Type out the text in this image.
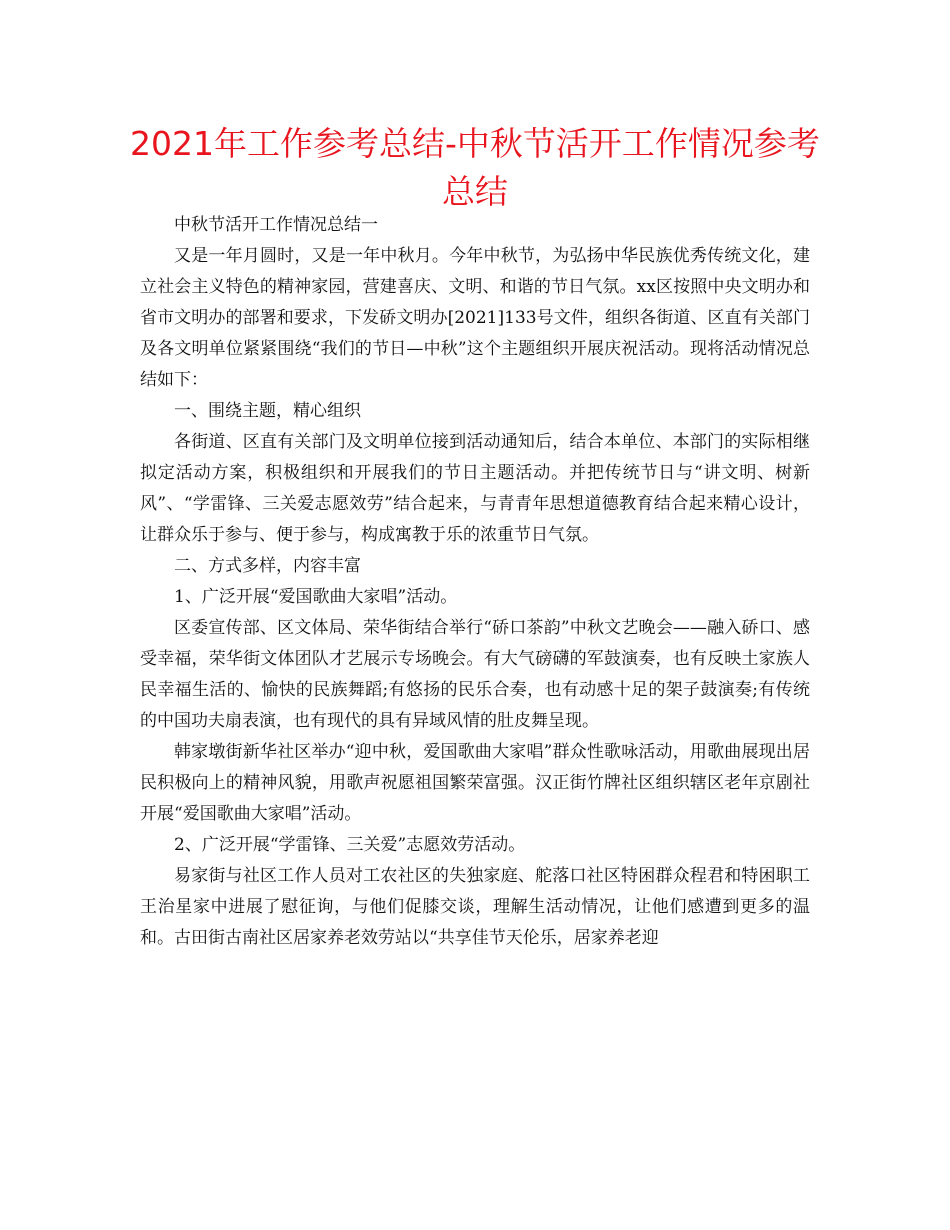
2021年工作参考总结-中秋节活开工作情况参考总结

中秋节活开工作情况总结一

又是一年月圆时，又是一年中秋月。今年中秋节，为弘扬中华民族优秀传统文化，建立社会主义特色的精神家园，营建喜庆、文明、和谐的节日气氛。xx区按照中央文明办和省市文明办的部署和要求，下发硚文明办[2021]133号文件，组织各街道、区直有关部门及各文明单位紧紧围绕“我们的节日—中秋”这个主题组织开展庆祝活动。现将活动情况总结如下：

一、围绕主题，精心组织

各街道、区直有关部门及文明单位接到活动通知后，结合本单位、本部门的实际相继拟定活动方案，积极组织和开展我们的节日主题活动。并把传统节日与“讲文明、树新风”、“学雷锋、三关爱志愿效劳”结合起来，与青青年思想道德教育结合起来精心设计，让群众乐于参与、便于参与，构成寓教于乐的浓重节日气氛。

二、方式多样，内容丰富

1、广泛开展“爱国歌曲大家唱”活动。

区委宣传部、区文体局、荣华街结合举行“硚口茶韵”中秋文艺晚会——融入硚口、感受幸福，荣华街文体团队才艺展示专场晚会。有大气磅礴的军鼓演奏，也有反映土家族人民幸福生活的、愉快的民族舞蹈;有悠扬的民乐合奏，也有动感十足的架子鼓演奏;有传统的中国功夫扇表演，也有现代的具有异域风情的肚皮舞呈现。

韩家墩街新华社区举办“迎中秋，爱国歌曲大家唱”群众性歌咏活动，用歌曲展现出居民积极向上的精神风貌，用歌声祝愿祖国繁荣富强。汉正街竹牌社区组织辖区老年京剧社开展“爱国歌曲大家唱”活动。

2、广泛开展“学雷锋、三关爱”志愿效劳活动。

易家街与社区工作人员对工农社区的失独家庭、舵落口社区特困群众程君和特困职工王治星家中进展了慰征询，与他们促膝交谈，理解生活动情况，让他们感遭到更多的温和。古田街古南社区居家养老效劳站以“共享佳节天伦乐，居家养老迎
